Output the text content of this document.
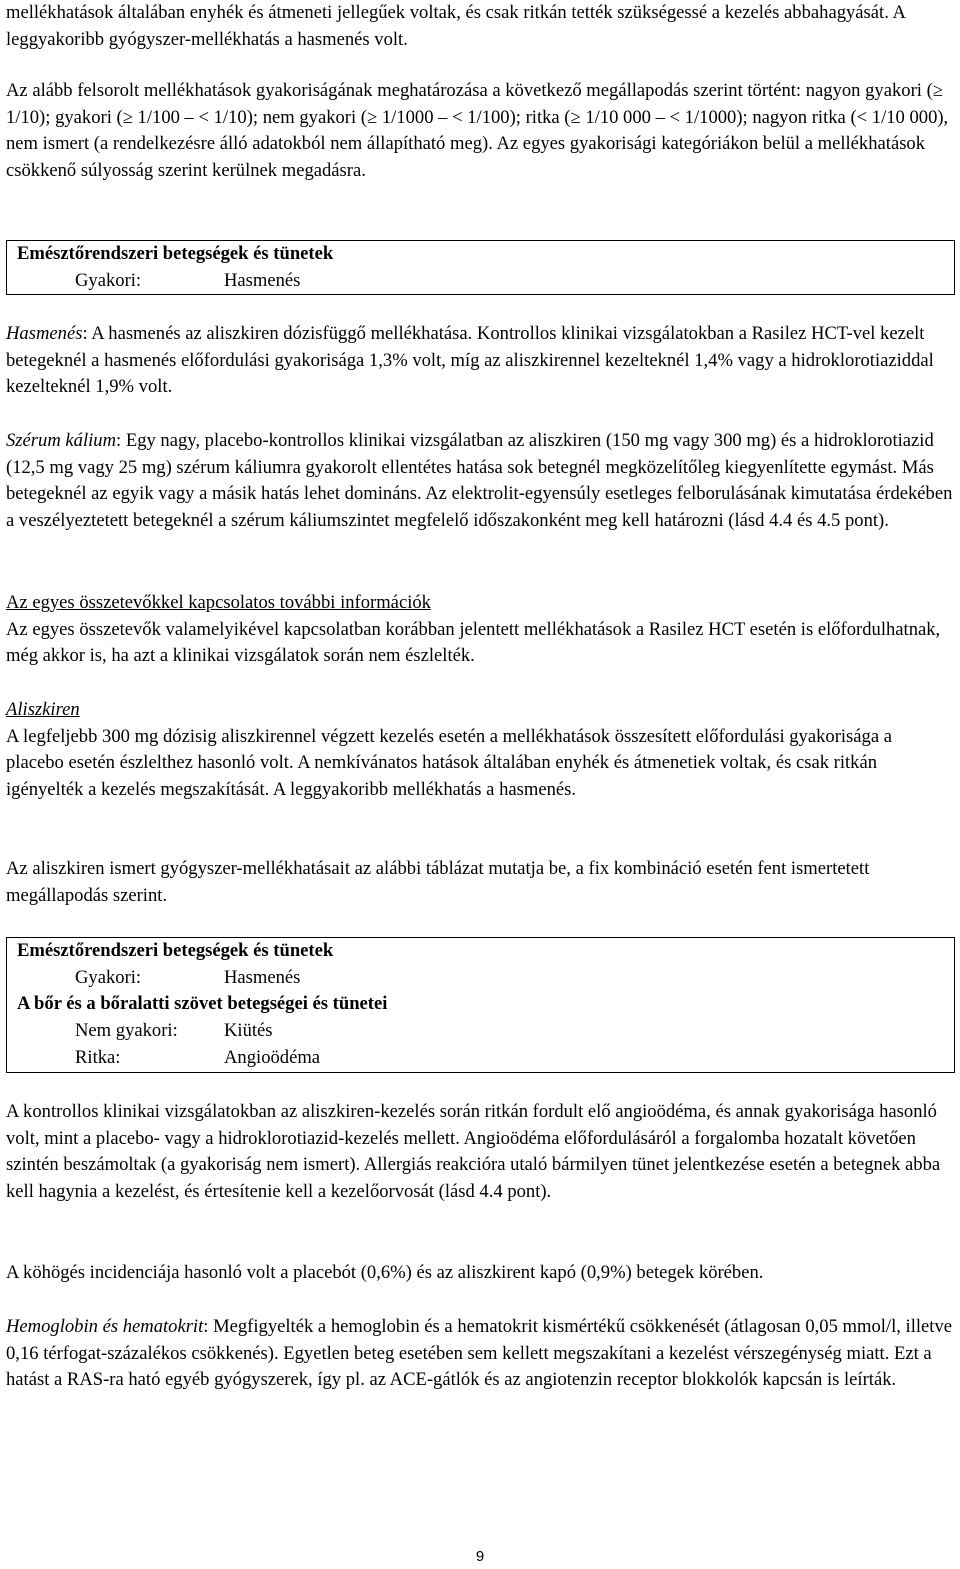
mellékhatások általában enyhék és átmeneti jellegűek voltak, és csak ritkán tették szükségessé a kezelés abbahagyását. A leggyakoribb gyógyszer-mellékhatás a hasmenés volt.

Az alább felsorolt mellékhatások gyakoriságának meghatározása a következő megállapodás szerint történt: nagyon gyakori (≥ 1/10); gyakori (≥ 1/100 – < 1/10); nem gyakori (≥ 1/1000 – < 1/100); ritka (≥ 1/10 000 – < 1/1000); nagyon ritka (< 1/10 000), nem ismert (a rendelkezésre álló adatokból nem állapítható meg). Az egyes gyakorisági kategóriákon belül a mellékhatások csökkenő súlyosság szerint kerülnek megadásra.

Emésztőrendszeri betegségek és tünetek
Gyakori:	Hasmenés

Hasmenés: A hasmenés az aliszkiren dózisfüggő mellékhatása. Kontrollos klinikai vizsgálatokban a Rasilez HCT-vel kezelt betegeknél a hasmenés előfordulási gyakorisága 1,3% volt, míg az aliszkirennel kezelteknél 1,4% vagy a hidroklorotiaziddal kezelteknél 1,9% volt.

Szérum kálium: Egy nagy, placebo-kontrollos klinikai vizsgálatban az aliszkiren (150 mg vagy 300 mg) és a hidroklorotiazid (12,5 mg vagy 25 mg) szérum káliumra gyakorolt ellentétes hatása sok betegnél megközelítőleg kiegyenlítette egymást. Más betegeknél az egyik vagy a másik hatás lehet domináns. Az elektrolit-egyensúly esetleges felborulásának kimutatása érdekében a veszélyeztetett betegeknél a szérum káliumszintet megfelelő időszakonként meg kell határozni (lásd 4.4 és 4.5 pont).

Az egyes összetevőkkel kapcsolatos további információk

Az egyes összetevők valamelyikével kapcsolatban korábban jelentett mellékhatások a Rasilez HCT esetén is előfordulhatnak, még akkor is, ha azt a klinikai vizsgálatok során nem észlelték.

Aliszkiren

A legfeljebb 300 mg dózisig aliszkirennel végzett kezelés esetén a mellékhatások összesített előfordulási gyakorisága a placebo esetén észlelthez hasonló volt. A nemkívánatos hatások általában enyhék és átmenetiek voltak, és csak ritkán igényelték a kezelés megszakítását. A leggyakoribb mellékhatás a hasmenés.

Az aliszkiren ismert gyógyszer-mellékhatásait az alábbi táblázat mutatja be, a fix kombináció esetén fent ismertetett megállapodás szerint.

Emésztőrendszeri betegségek és tünetek
Gyakori:	Hasmenés
A bőr és a bőralatti szövet betegségei és tünetei
Nem gyakori:	Kiütés
Ritka:	Angioödéma

A kontrollos klinikai vizsgálatokban az aliszkiren-kezelés során ritkán fordult elő angioödéma, és annak gyakorisága hasonló volt, mint a placebo- vagy a hidroklorotiazid-kezelés mellett. Angioödéma előfordulásáról a forgalomba hozatalt követően szintén beszámoltak (a gyakoriság nem ismert). Allergiás reakcióra utaló bármilyen tünet jelentkezése esetén a betegnek abba kell hagynia a kezelést, és értesítenie kell a kezelőorvosát (lásd 4.4 pont).

A köhögés incidenciája hasonló volt a placebót (0,6%) és az aliszkirent kapó (0,9%) betegek körében.

Hemoglobin és hematokrit: Megfigyelték a hemoglobin és a hematokrit kismértékű csökkenését (átlagosan 0,05 mmol/l, illetve 0,16 térfogat-százalékos csökkenés). Egyetlen beteg esetében sem kellett megszakítani a kezelést vérszegénység miatt. Ezt a hatást a RAS-ra ható egyéb gyógyszerek, így pl. az ACE-gátlók és az angiotenzin receptor blokkolók kapcsán is leírták.

9
